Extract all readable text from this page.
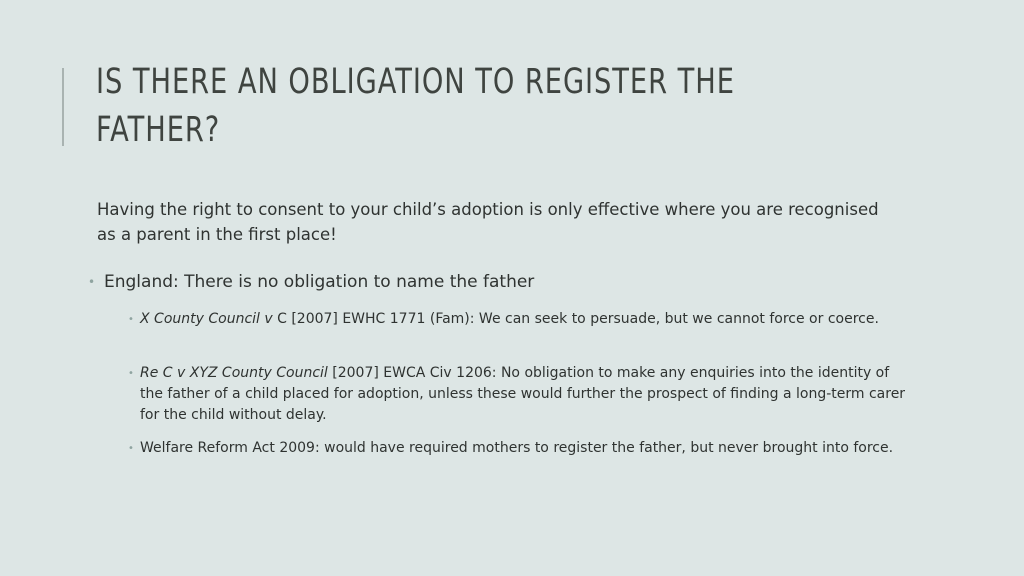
IS THERE AN OBLIGATION TO REGISTER THE
FATHER?

Having the right to consent to your child’s adoption is only effective where you are recognised as a parent in the first place!

• England: There is no obligation to name the father
• X County Council v C [2007] EWHC 1771 (Fam): We can seek to persuade, but we cannot force or coerce.
• Re C v XYZ County Council [2007] EWCA Civ 1206: No obligation to make any enquiries into the identity of the father of a child placed for adoption, unless these would further the prospect of finding a long-term carer for the child without delay.
• Welfare Reform Act 2009: would have required mothers to register the father, but never brought into force.
